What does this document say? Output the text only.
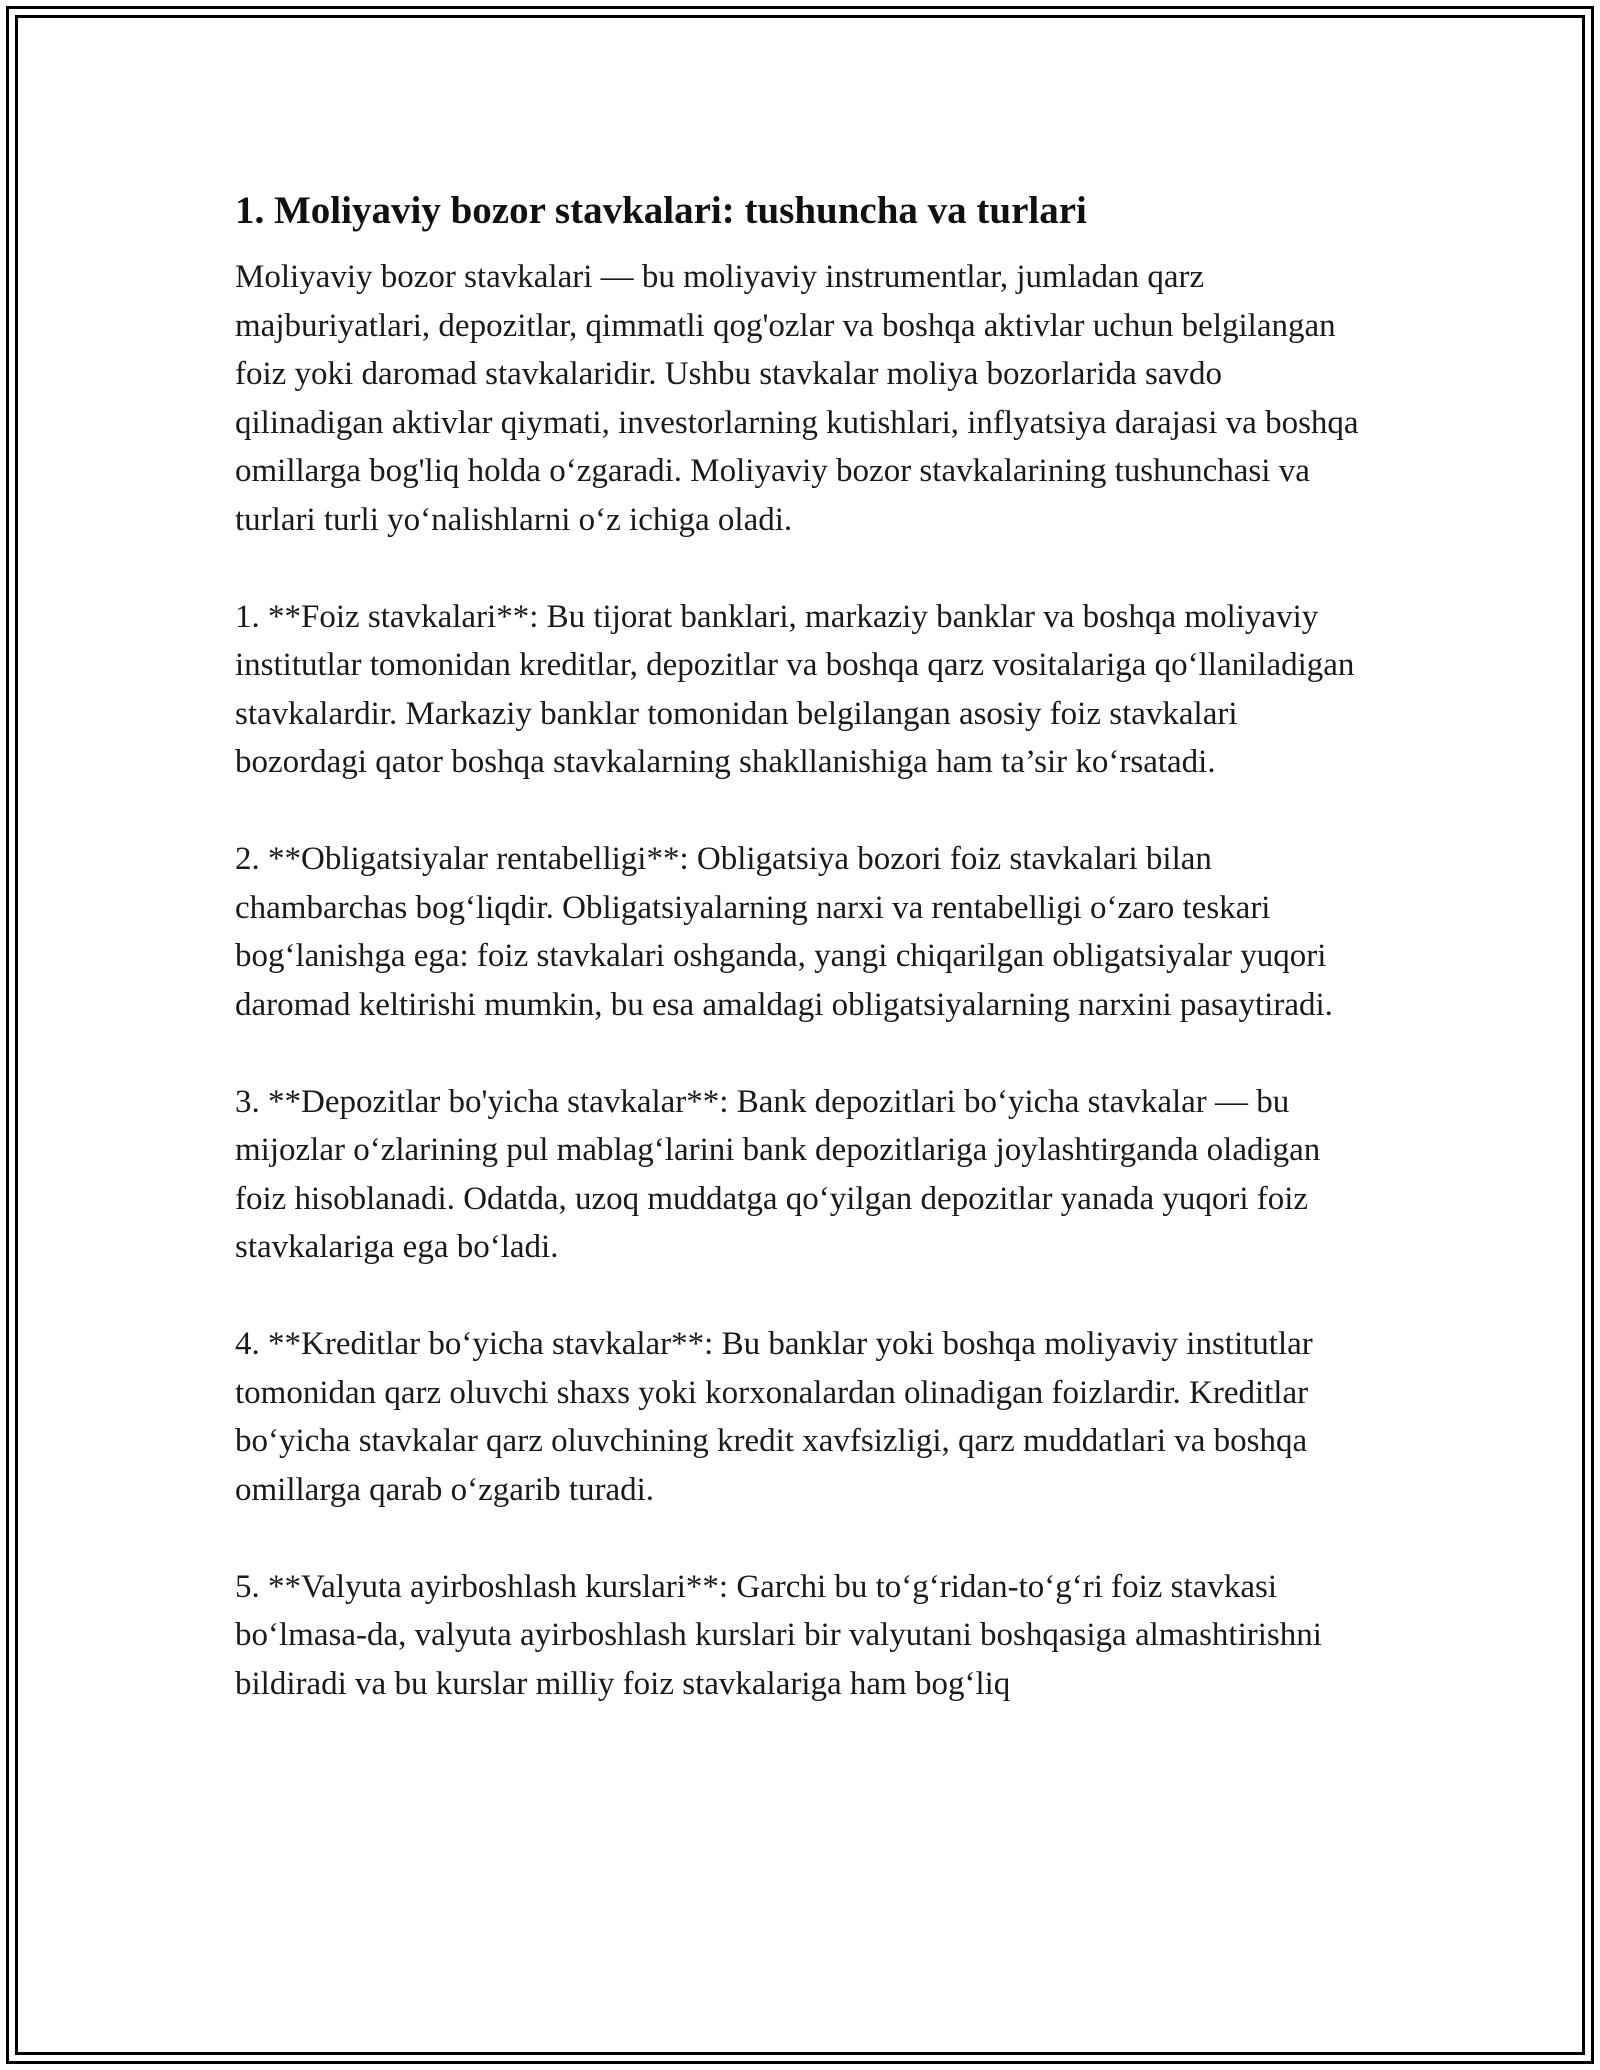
1. Moliyaviy bozor stavkalari: tushuncha va turlari

Moliyaviy bozor stavkalari — bu moliyaviy instrumentlar, jumladan qarz majburiyatlari, depozitlar, qimmatli qog'ozlar va boshqa aktivlar uchun belgilangan foiz yoki daromad stavkalaridir. Ushbu stavkalar moliya bozorlarida savdo qilinadigan aktivlar qiymati, investorlarning kutishlari, inflyatsiya darajasi va boshqa omillarga bog'liq holda o‘zgaradi. Moliyaviy bozor stavkalarining tushunchasi va turlari turli yo‘nalishlarni o‘z ichiga oladi.

1. **Foiz stavkalari**: Bu tijorat banklari, markaziy banklar va boshqa moliyaviy institutlar tomonidan kreditlar, depozitlar va boshqa qarz vositalariga qo‘llaniladigan stavkalardir. Markaziy banklar tomonidan belgilangan asosiy foiz stavkalari bozordagi qator boshqa stavkalarning shakllanishiga ham ta’sir ko‘rsatadi.

2. **Obligatsiyalar rentabelligi**: Obligatsiya bozori foiz stavkalari bilan chambarchas bog‘liqdir. Obligatsiyalarning narxi va rentabelligi o‘zaro teskari bog‘lanishga ega: foiz stavkalari oshganda, yangi chiqarilgan obligatsiyalar yuqori daromad keltirishi mumkin, bu esa amaldagi obligatsiyalarning narxini pasaytiradi.

3. **Depozitlar bo'yicha stavkalar**: Bank depozitlari bo‘yicha stavkalar — bu mijozlar o‘zlarining pul mablag‘larini bank depozitlariga joylashtirganda oladigan foiz hisoblanadi. Odatda, uzoq muddatga qo‘yilgan depozitlar yanada yuqori foiz stavkalariga ega bo‘ladi.

4. **Kreditlar bo‘yicha stavkalar**: Bu banklar yoki boshqa moliyaviy institutlar tomonidan qarz oluvchi shaxs yoki korxonalardan olinadigan foizlardir. Kreditlar bo‘yicha stavkalar qarz oluvchining kredit xavfsizligi, qarz muddatlari va boshqa omillarga qarab o‘zgarib turadi.

5. **Valyuta ayirboshlash kurslari**: Garchi bu to‘g‘ridan-to‘g‘ri foiz stavkasi bo‘lmasa-da, valyuta ayirboshlash kurslari bir valyutani boshqasiga almashtirishni bildiradi va bu kurslar milliy foiz stavkalariga ham bog‘liq
